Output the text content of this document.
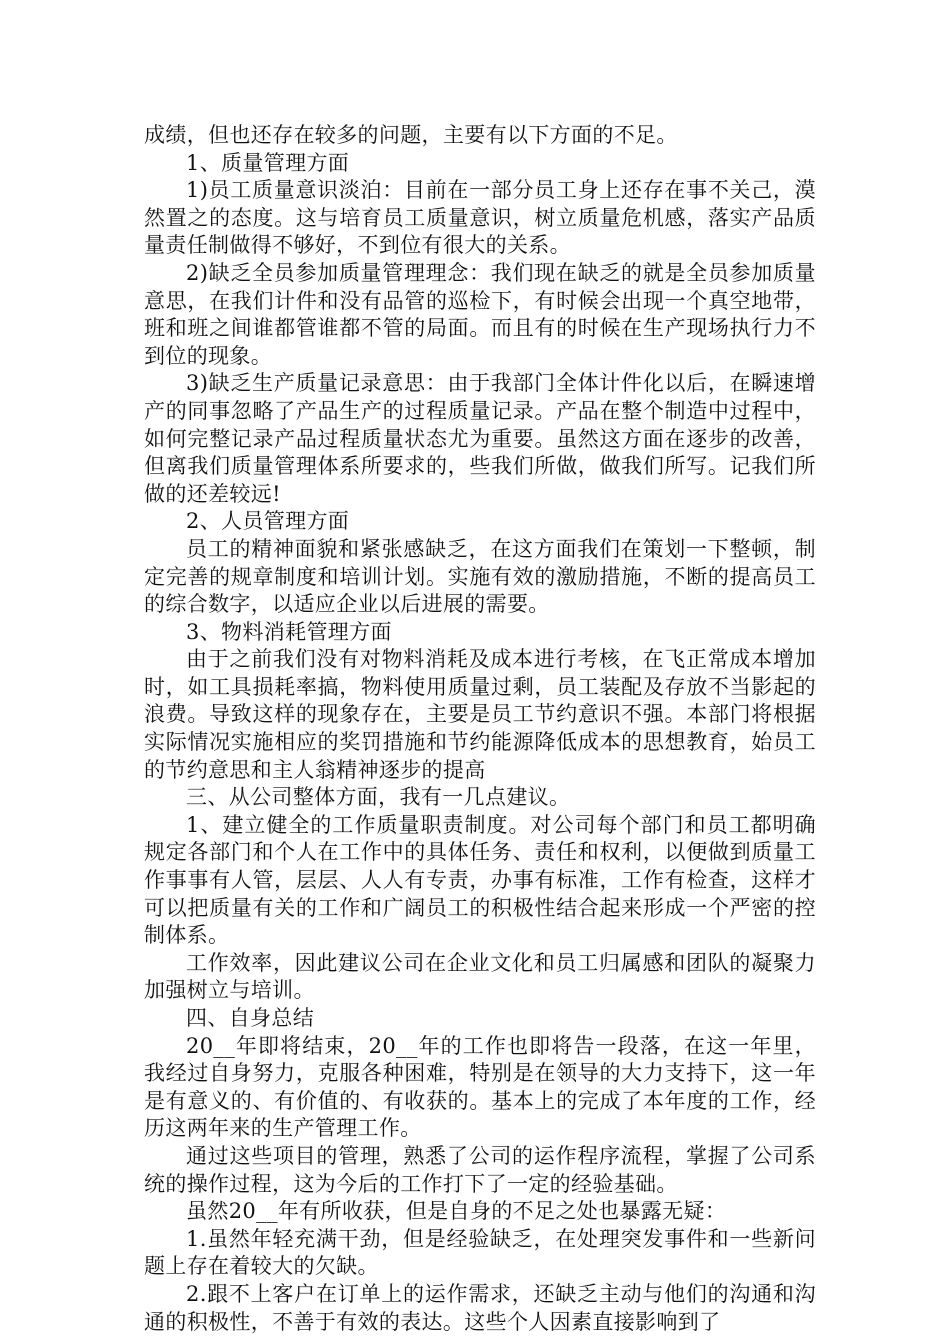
成绩，但也还存在较多的问题，主要有以下方面的不足。

1、质量管理方面

1)员工质量意识淡泊：目前在一部分员工身上还存在事不关己，漠然置之的态度。这与培育员工质量意识，树立质量危机感，落实产品质量责任制做得不够好，不到位有很大的关系。

2)缺乏全员参加质量管理理念：我们现在缺乏的就是全员参加质量意思，在我们计件和没有品管的巡检下，有时候会出现一个真空地带，班和班之间谁都管谁都不管的局面。而且有的时候在生产现场执行力不到位的现象。

3)缺乏生产质量记录意思：由于我部门全体计件化以后，在瞬速增产的同事忽略了产品生产的过程质量记录。产品在整个制造中过程中，如何完整记录产品过程质量状态尤为重要。虽然这方面在逐步的改善，但离我们质量管理体系所要求的，些我们所做，做我们所写。记我们所做的还差较远!

2、人员管理方面

员工的精神面貌和紧张感缺乏，在这方面我们在策划一下整顿，制定完善的规章制度和培训计划。实施有效的激励措施，不断的提高员工的综合数字，以适应企业以后进展的需要。

3、物料消耗管理方面

由于之前我们没有对物料消耗及成本进行考核，在飞正常成本增加时，如工具损耗率搞，物料使用质量过剩，员工装配及存放不当影起的浪费。导致这样的现象存在，主要是员工节约意识不强。本部门将根据实际情况实施相应的奖罚措施和节约能源降低成本的思想教育，始员工的节约意思和主人翁精神逐步的提高

三、从公司整体方面，我有一几点建议。

1、建立健全的工作质量职责制度。对公司每个部门和员工都明确规定各部门和个人在工作中的具体任务、责任和权利，以便做到质量工作事事有人管，层层、人人有专责，办事有标准，工作有检查，这样才可以把质量有关的工作和广阔员工的积极性结合起来形成一个严密的控制体系。

工作效率，因此建议公司在企业文化和员工归属感和团队的凝聚力加强树立与培训。

四、自身总结

20__年即将结束，20__年的工作也即将告一段落，在这一年里，我经过自身努力，克服各种困难，特别是在领导的大力支持下，这一年是有意义的、有价值的、有收获的。基本上的完成了本年度的工作，经历这两年来的生产管理工作。

通过这些项目的管理，熟悉了公司的运作程序流程，掌握了公司系统的操作过程，这为今后的工作打下了一定的经验基础。

虽然20__年有所收获，但是自身的不足之处也暴露无疑：

1.虽然年轻充满干劲，但是经验缺乏，在处理突发事件和一些新问题上存在着较大的欠缺。

2.跟不上客户在订单上的运作需求，还缺乏主动与他们的沟通和沟通的积极性，不善于有效的表达。这些个人因素直接影响到了
